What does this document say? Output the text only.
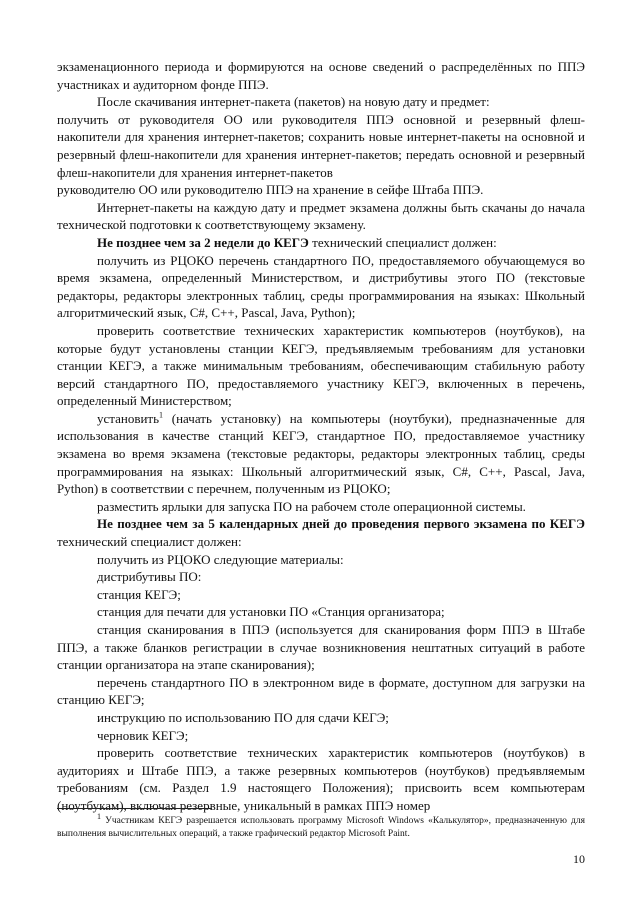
экзаменационного периода и формируются на основе сведений о распределённых по ППЭ участниках и аудиторном фонде ППЭ.

После скачивания интернет-пакета (пакетов) на новую дату и предмет:

получить от руководителя ОО или руководителя ППЭ основной и резервный флеш-накопители для хранения интернет-пакетов; сохранить новые интернет-пакеты на основной и резервный флеш-накопители для хранения интернет-пакетов; передать основной и резервный флеш-накопители для хранения интернет-пакетов

руководителю ОО или руководителю ППЭ на хранение в сейфе Штаба ППЭ.

Интернет-пакеты на каждую дату и предмет экзамена должны быть скачаны до начала технической подготовки к соответствующему экзамену.

Не позднее чем за 2 недели до КЕГЭ технический специалист должен:

получить из РЦОКО перечень стандартного ПО, предоставляемого обучающемуся во время экзамена, определенный Министерством, и дистрибутивы этого ПО (текстовые редакторы, редакторы электронных таблиц, среды программирования на языках: Школьный алгоритмический язык, C#, C++, Pascal, Java, Python);

проверить соответствие технических характеристик компьютеров (ноутбуков), на которые будут установлены станции КЕГЭ, предъявляемым требованиям для установки станции КЕГЭ, а также минимальным требованиям, обеспечивающим стабильную работу версий стандартного ПО, предоставляемого участнику КЕГЭ, включенных в перечень, определенный Министерством;

установить$^1$ (начать установку) на компьютеры (ноутбуки), предназначенные для использования в качестве станций КЕГЭ, стандартное ПО, предоставляемое участнику экзамена во время экзамена (текстовые редакторы, редакторы электронных таблиц, среды программирования на языках: Школьный алгоритмический язык, C#, C++, Pascal, Java, Python) в соответствии с перечнем, полученным из РЦОКО;

разместить ярлыки для запуска ПО на рабочем столе операционной системы.

Не позднее чем за 5 календарных дней до проведения первого экзамена по КЕГЭ технический специалист должен:

получить из РЦОКО следующие материалы:

дистрибутивы ПО:

станция КЕГЭ;

станция для печати для установки ПО «Станция организатора;

станция сканирования в ППЭ (используется для сканирования форм ППЭ в Штабе ППЭ, а также бланков регистрации в случае возникновения нештатных ситуаций в работе станции организатора на этапе сканирования);

перечень стандартного ПО в электронном виде в формате, доступном для загрузки на станцию КЕГЭ;

инструкцию по использованию ПО для сдачи КЕГЭ;

черновик КЕГЭ;

проверить соответствие технических характеристик компьютеров (ноутбуков) в аудиториях и Штабе ППЭ, а также резервных компьютеров (ноутбуков) предъявляемым требованиям (см. Раздел 1.9 настоящего Положения); присвоить всем компьютерам (ноутбукам), включая резервные, уникальный в рамках ППЭ номер

$^1$ Участникам КЕГЭ разрешается использовать программу Microsoft Windows «Калькулятор», предназначенную для выполнения вычислительных операций, а также графический редактор Microsoft Paint.

10
